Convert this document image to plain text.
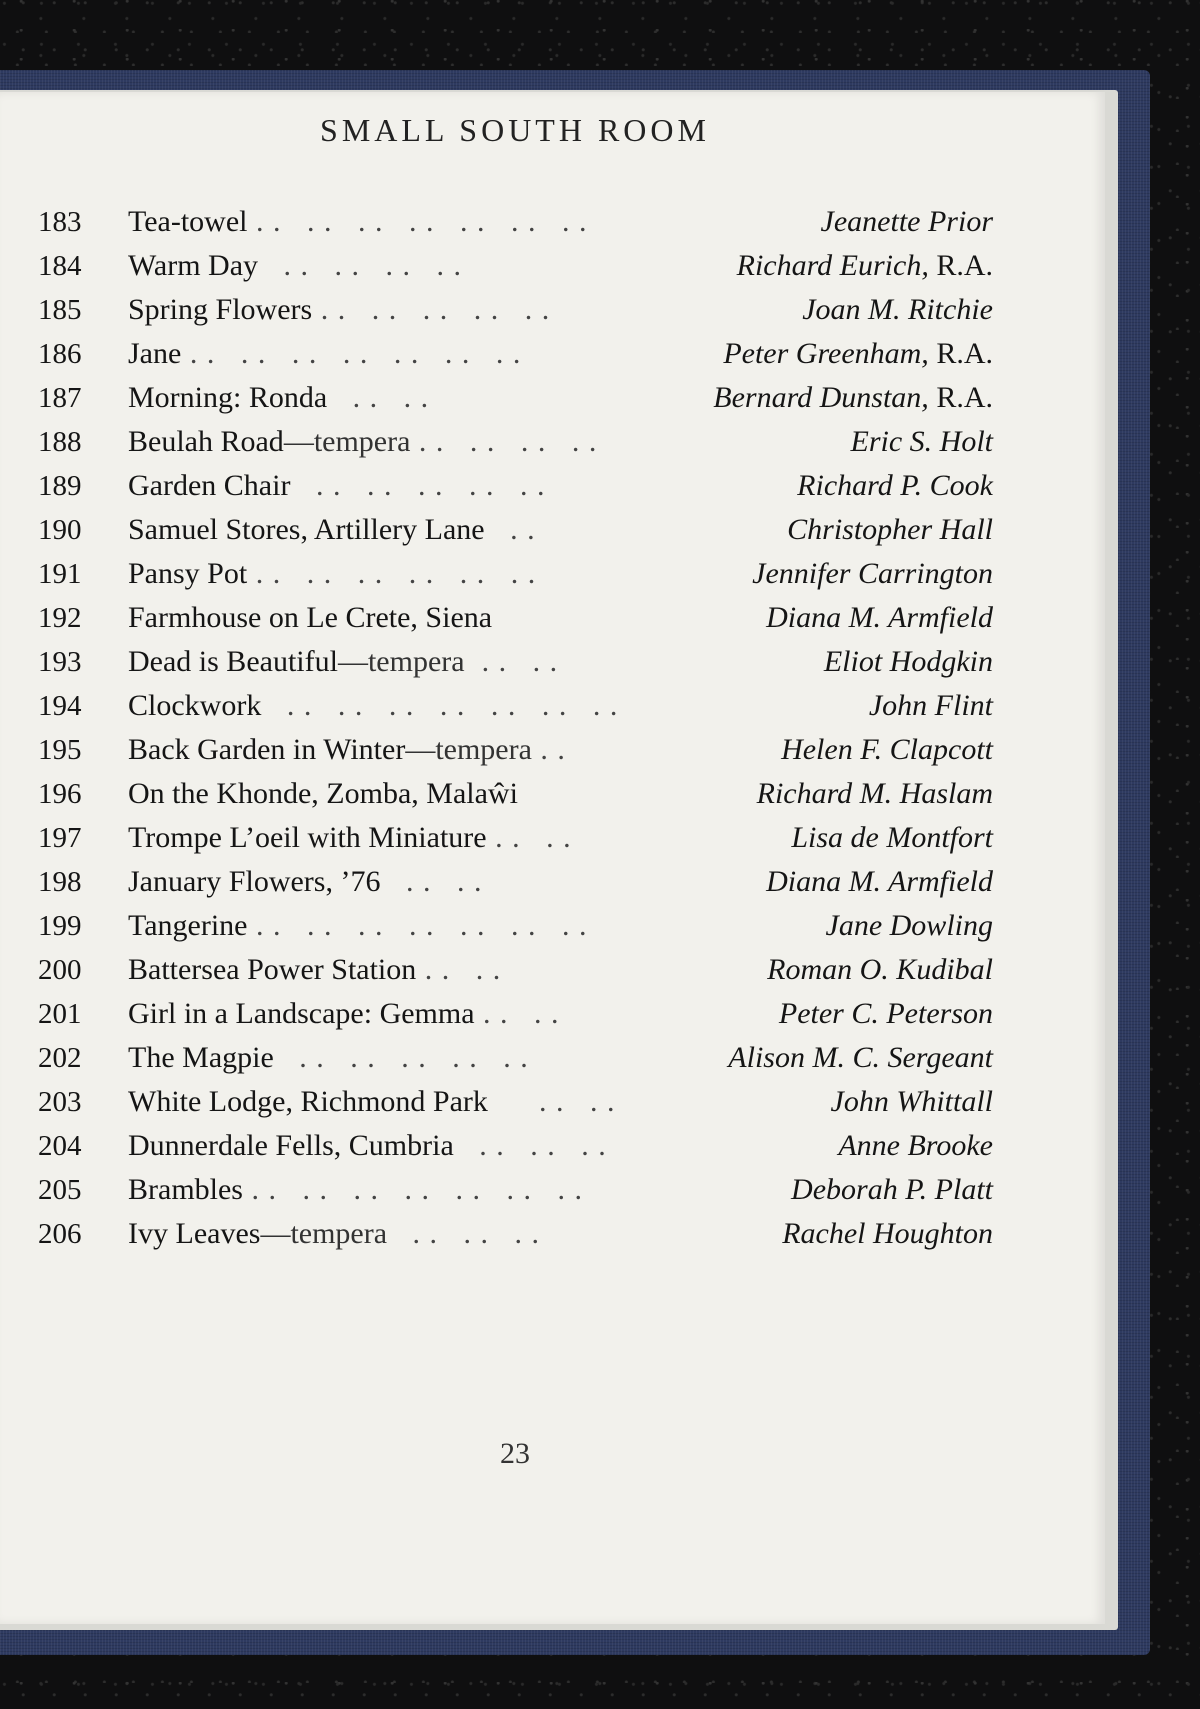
SMALL SOUTH ROOM
183	Tea-towel . .   . .   . .   . .   . .   . .   . .	Jeanette Prior
184	Warm Day   . .   . .   . .   . .	Richard Eurich, R.A.
185	Spring Flowers . .   . .   . .   . .   . .	Joan M. Ritchie
186	Jane . .   . .   . .   . .   . .   . .   . .	Peter Greenham, R.A.
187	Morning: Ronda   . .   . .	Bernard Dunstan, R.A.
188	Beulah Road—tempera . .   . .   . .   . .	Eric S. Holt
189	Garden Chair   . .   . .   . .   . .   . .	Richard P. Cook
190	Samuel Stores, Artillery Lane   . .	Christopher Hall
191	Pansy Pot . .   . .   . .   . .   . .   . .	Jennifer Carrington
192	Farmhouse on Le Crete, Siena	Diana M. Armfield
193	Dead is Beautiful—tempera  . .   . .	Eliot Hodgkin
194	Clockwork   . .   . .   . .   . .   . .   . .   . .	John Flint
195	Back Garden in Winter—tempera . .	Helen F. Clapcott
196	On the Khonde, Zomba, Malaŵi	Richard M. Haslam
197	Trompe L’oeil with Miniature . .   . .	Lisa de Montfort
198	January Flowers, ’76   . .   . .	Diana M. Armfield
199	Tangerine . .   . .   . .   . .   . .   . .   . .	Jane Dowling
200	Battersea Power Station . .   . .	Roman O. Kudibal
201	Girl in a Landscape: Gemma . .   . .	Peter C. Peterson
202	The Magpie   . .   . .   . .   . .   . .	Alison M. C. Sergeant
203	White Lodge, Richmond Park      . .   . .	John Whittall
204	Dunnerdale Fells, Cumbria   . .   . .   . .	Anne Brooke
205	Brambles . .   . .   . .   . .   . .   . .   . .	Deborah P. Platt
206	Ivy Leaves—tempera   . .   . .   . .	Rachel Houghton
23
